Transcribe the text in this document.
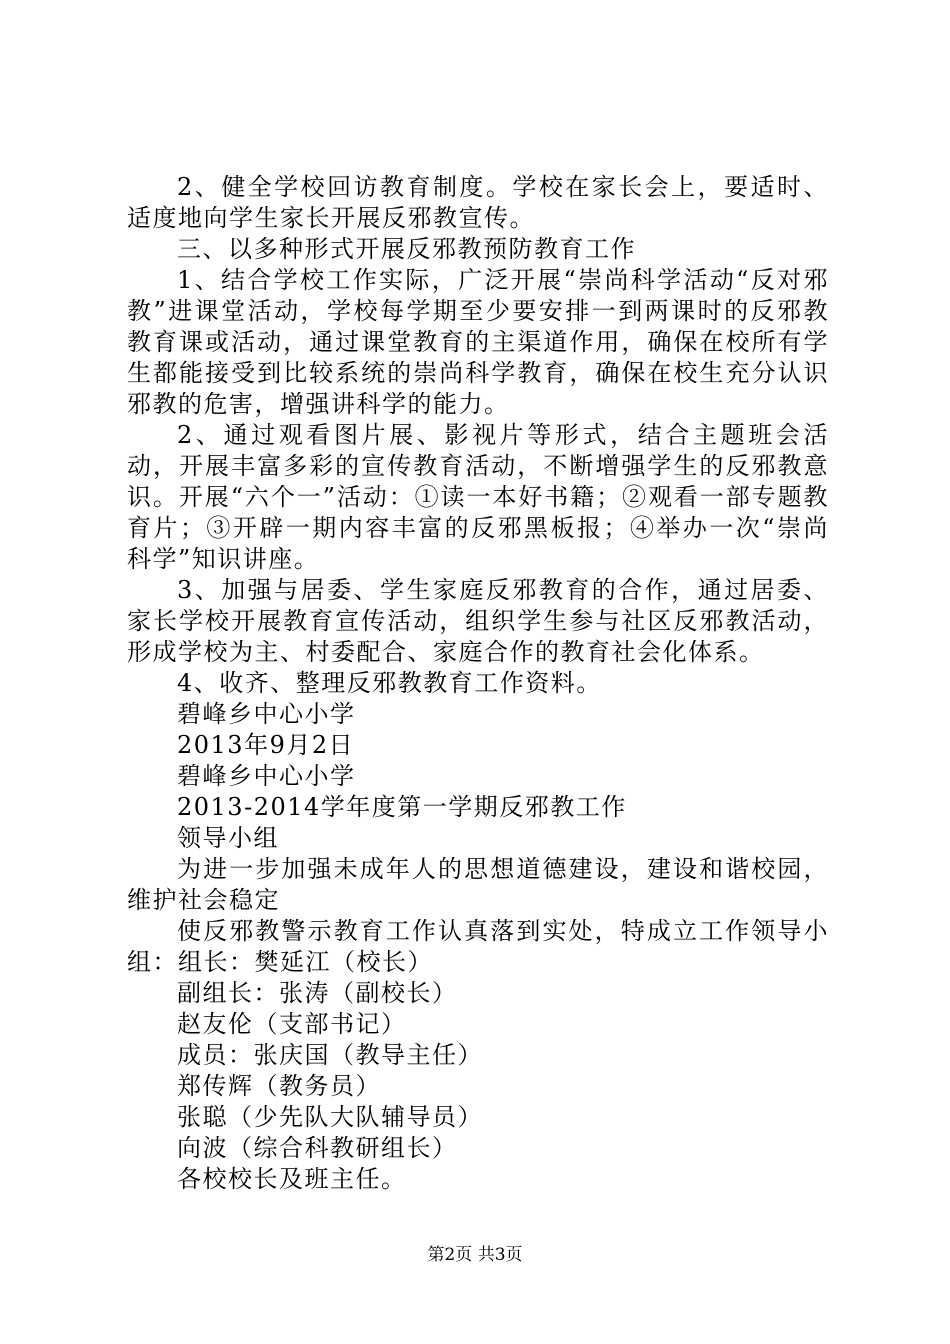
2、健全学校回访教育制度。学校在家长会上，要适时、适度地向学生家长开展反邪教宣传。

三、以多种形式开展反邪教预防教育工作

1、结合学校工作实际，广泛开展“崇尚科学活动“反对邪教”进课堂活动，学校每学期至少要安排一到两课时的反邪教教育课或活动，通过课堂教育的主渠道作用，确保在校所有学生都能接受到比较系统的崇尚科学教育，确保在校生充分认识邪教的危害，增强讲科学的能力。

2、通过观看图片展、影视片等形式，结合主题班会活动，开展丰富多彩的宣传教育活动，不断增强学生的反邪教意识。开展“六个一”活动：①读一本好书籍；②观看一部专题教育片；③开辟一期内容丰富的反邪黑板报；④举办一次“崇尚科学”知识讲座。

3、加强与居委、学生家庭反邪教育的合作，通过居委、家长学校开展教育宣传活动，组织学生参与社区反邪教活动，形成学校为主、村委配合、家庭合作的教育社会化体系。

4、收齐、整理反邪教教育工作资料。

碧峰乡中心小学

2013年9月2日

碧峰乡中心小学

2013-2014学年度第一学期反邪教工作

领导小组

为进一步加强未成年人的思想道德建设，建设和谐校园，维护社会稳定

使反邪教警示教育工作认真落到实处，特成立工作领导小组：组长：樊延江（校长）

副组长：张涛（副校长）

赵友伦（支部书记）

成员：张庆国（教导主任）

郑传辉（教务员）

张聪（少先队大队辅导员）

向波（综合科教研组长）

各校校长及班主任。

第2页 共3页
